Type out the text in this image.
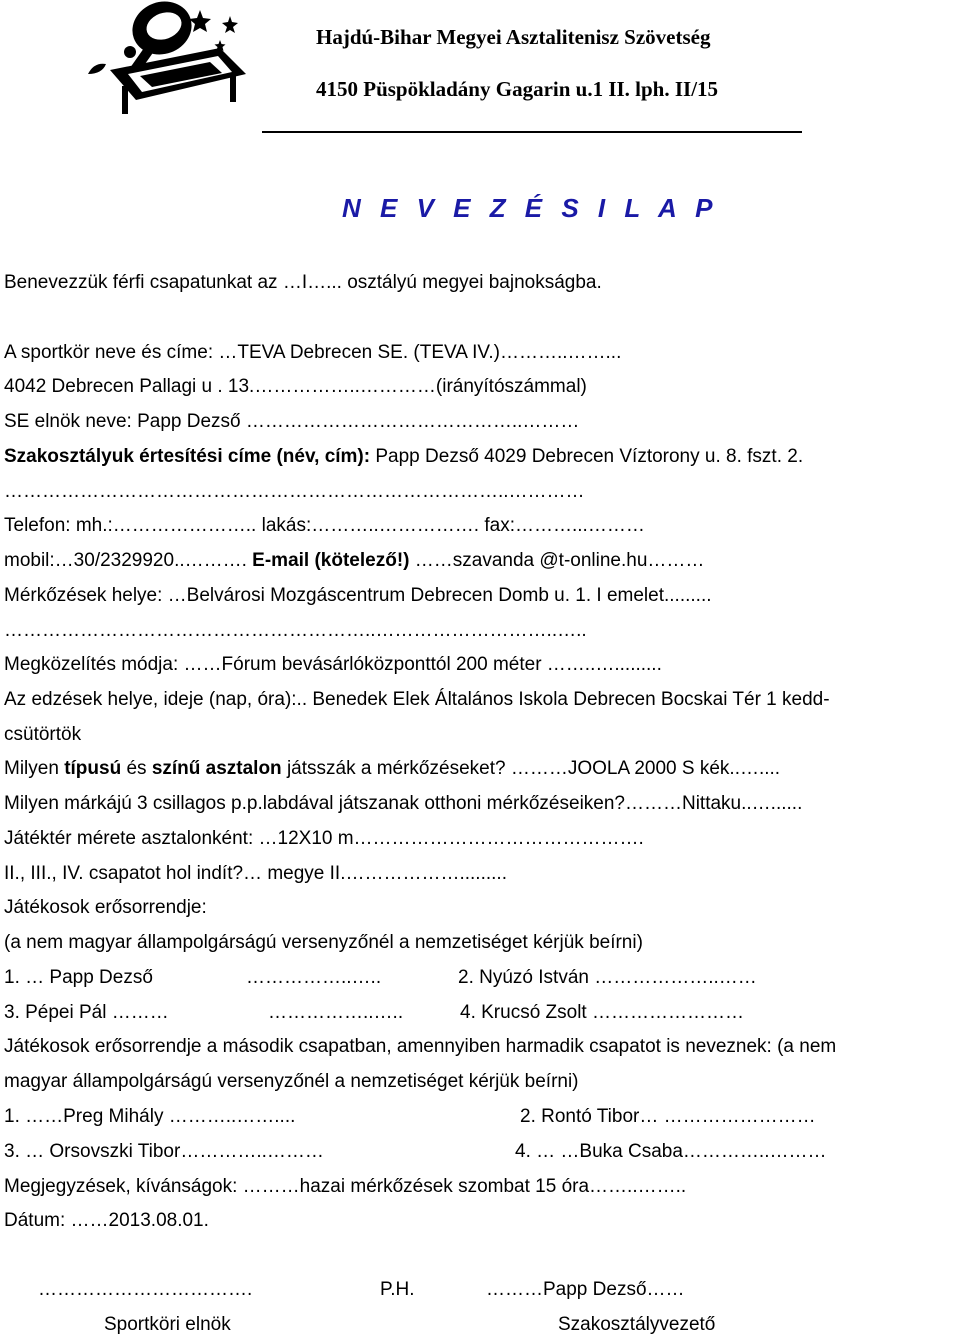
Hajdú-Bihar Megyei Asztalitenisz Szövetség
4150 Püspökladány Gagarin u.1 II. lph. II/15
N E V E Z É S I L A P
Benevezzük férfi csapatunkat az …I…... osztályú megyei bajnokságba.
A sportkör neve és címe: …TEVA Debrecen SE. (TEVA IV.)………..……...
4042 Debrecen Pallagi u . 13.……………..…………(irányítószámmal)
SE elnök neve: Papp Dezső ……………………………………..………
Szakosztályuk értesítési címe (név, cím): Papp Dezső 4029 Debrecen Víztorony u. 8. fszt. 2.
……………………………………………………………………..…………
Telefon: mh.:………………….. lakás:………..……………. fax:………...………
mobil:…30/2329920..………. E-mail (kötelező!) ……szavanda @t-online.hu………
Mérkőzések helye: …Belvárosi Mozgáscentrum Debrecen Domb u. 1. I emelet.........
…………………………………………………..………………………..…..
Megközelítés módja: ……Fórum bevásárlóközponttól 200 méter ……..….........
Az edzések helye, ideje (nap, óra):.. Benedek Elek Általános Iskola Debrecen Bocskai Tér 1 kedd-
csütörtök
Milyen típusú és színű asztalon játsszák a mérkőzéseket? ………JOOLA 2000 S kék..…....
Milyen márkájú 3 csillagos p.p.labdával játszanak otthoni mérkőzéseiken?………Nittaku..…......
Játéktér mérete asztalonként: …12X10 m……………………………………….
II., III., IV. csapatot hol indít?… megye II.……………….........
Játékosok erősorrendje:
(a nem magyar állampolgárságú versenyzőnél a nemzetiséget kérjük beírni)
1. … Papp Dezső	……………..…..	2. Nyúzó István ………………..……
3. Pépei Pál ………	……………..…..	4. Krucsó Zsolt ……………………
Játékosok erősorrendje a második csapatban, amennyiben harmadik csapatot is neveznek: (a nem
magyar állampolgárságú versenyzőnél a nemzetiséget kérjük beírni)
1. ……Preg Mihály ………..……....	2. Rontó Tibor… ……………………
3. … Orsovszki Tibor…………..………	4. … …Buka Csaba…………..………
Megjegyzések, kívánságok: ………hazai mérkőzések szombat 15 óra……..……..
Dátum: ……2013.08.01.
…………………………….	P.H.	………Papp Dezső……
Sportköri elnök	Szakosztályvezető
